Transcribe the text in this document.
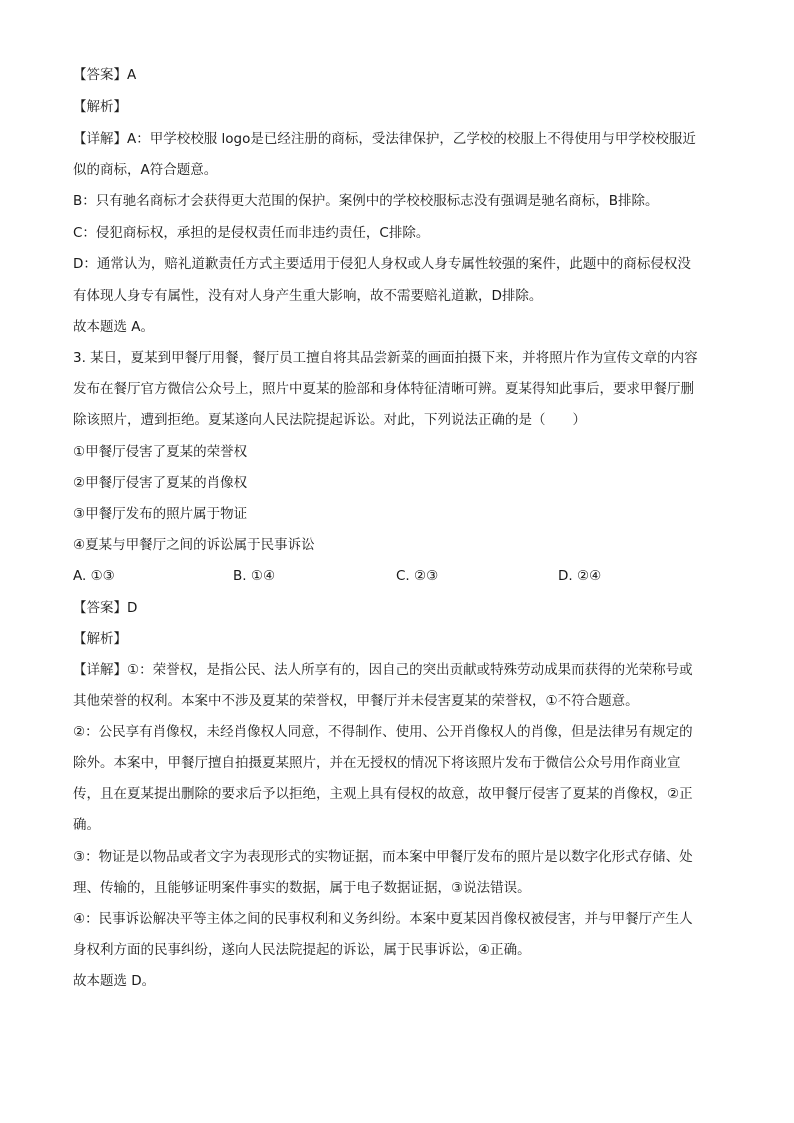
【答案】A
【解析】
【详解】A：甲学校校服 logo是已经注册的商标，受法律保护，乙学校的校服上不得使用与甲学校校服近
似的商标，A符合题意。
B：只有驰名商标才会获得更大范围的保护。案例中的学校校服标志没有强调是驰名商标，B排除。
C：侵犯商标权，承担的是侵权责任而非违约责任，C排除。
D：通常认为，赔礼道歉责任方式主要适用于侵犯人身权或人身专属性较强的案件，此题中的商标侵权没
有体现人身专有属性，没有对人身产生重大影响，故不需要赔礼道歉，D排除。
故本题选 A。
3. 某日，夏某到甲餐厅用餐，餐厅员工擅自将其品尝新菜的画面拍摄下来，并将照片作为宣传文章的内容
发布在餐厅官方微信公众号上，照片中夏某的脸部和身体特征清晰可辨。夏某得知此事后，要求甲餐厅删
除该照片，遭到拒绝。夏某遂向人民法院提起诉讼。对此，下列说法正确的是（　　）
①甲餐厅侵害了夏某的荣誉权
②甲餐厅侵害了夏某的肖像权
③甲餐厅发布的照片属于物证
④夏某与甲餐厅之间的诉讼属于民事诉讼
A. ①③	B. ①④	C. ②③	D. ②④
【答案】D
【解析】
【详解】①：荣誉权，是指公民、法人所享有的，因自己的突出贡献或特殊劳动成果而获得的光荣称号或
其他荣誉的权利。本案中不涉及夏某的荣誉权，甲餐厅并未侵害夏某的荣誉权，①不符合题意。
②：公民享有肖像权，未经肖像权人同意，不得制作、使用、公开肖像权人的肖像，但是法律另有规定的
除外。本案中，甲餐厅擅自拍摄夏某照片，并在无授权的情况下将该照片发布于微信公众号用作商业宣
传，且在夏某提出删除的要求后予以拒绝，主观上具有侵权的故意，故甲餐厅侵害了夏某的肖像权，②正
确。
③：物证是以物品或者文字为表现形式的实物证据，而本案中甲餐厅发布的照片是以数字化形式存储、处
理、传输的，且能够证明案件事实的数据，属于电子数据证据，③说法错误。
④：民事诉讼解决平等主体之间的民事权利和义务纠纷。本案中夏某因肖像权被侵害，并与甲餐厅产生人
身权利方面的民事纠纷，遂向人民法院提起的诉讼，属于民事诉讼，④正确。
故本题选 D。
